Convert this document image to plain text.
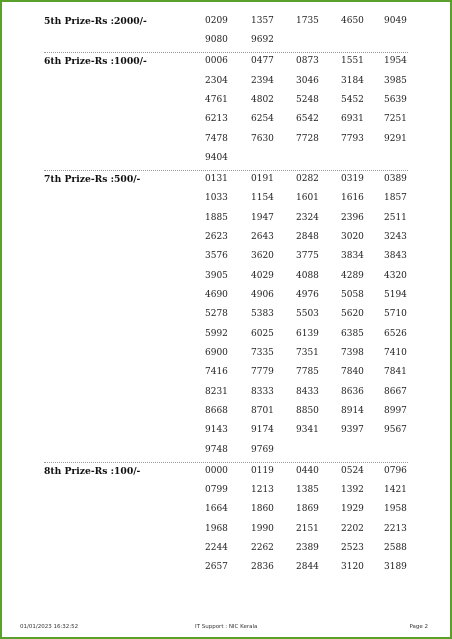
5th Prize-Rs :2000/-	0209	1357 1735 4650 9049
9080	9692
6th Prize-Rs :1000/-	0006	0477 0873 1551 1954
2304	2394 3046 3184 3985
4761	4802 5248 5452 5639
6213	6254 6542 6931 7251
7478	7630 7728 7793 9291
9404
7th Prize-Rs :500/-	0131	0191 0282 0319 0389
1033	1154 1601 1616 1857
1885	1947 2324 2396 2511
2623	2643 2848 3020 3243
3576	3620 3775 3834 3843
3905	4029 4088 4289 4320
4690	4906 4976 5058 5194
5278	5383 5503 5620 5710
5992	6025 6139 6385 6526
6900	7335 7351 7398 7410
7416	7779 7785 7840 7841
8231	8333 8433 8636 8667
8668	8701 8850 8914 8997
9143	9174 9341 9397 9567
9748	9769
8th Prize-Rs :100/-	0000	0119 0440 0524 0796
0799	1213 1385 1392 1421
1664	1860 1869 1929 1958
1968	1990 2151 2202 2213
2244	2262 2389 2523 2588
2657	2836 2844 3120 3189
01/01/2023 16:32:52	IT Support : NIC Kerala	Page 2
